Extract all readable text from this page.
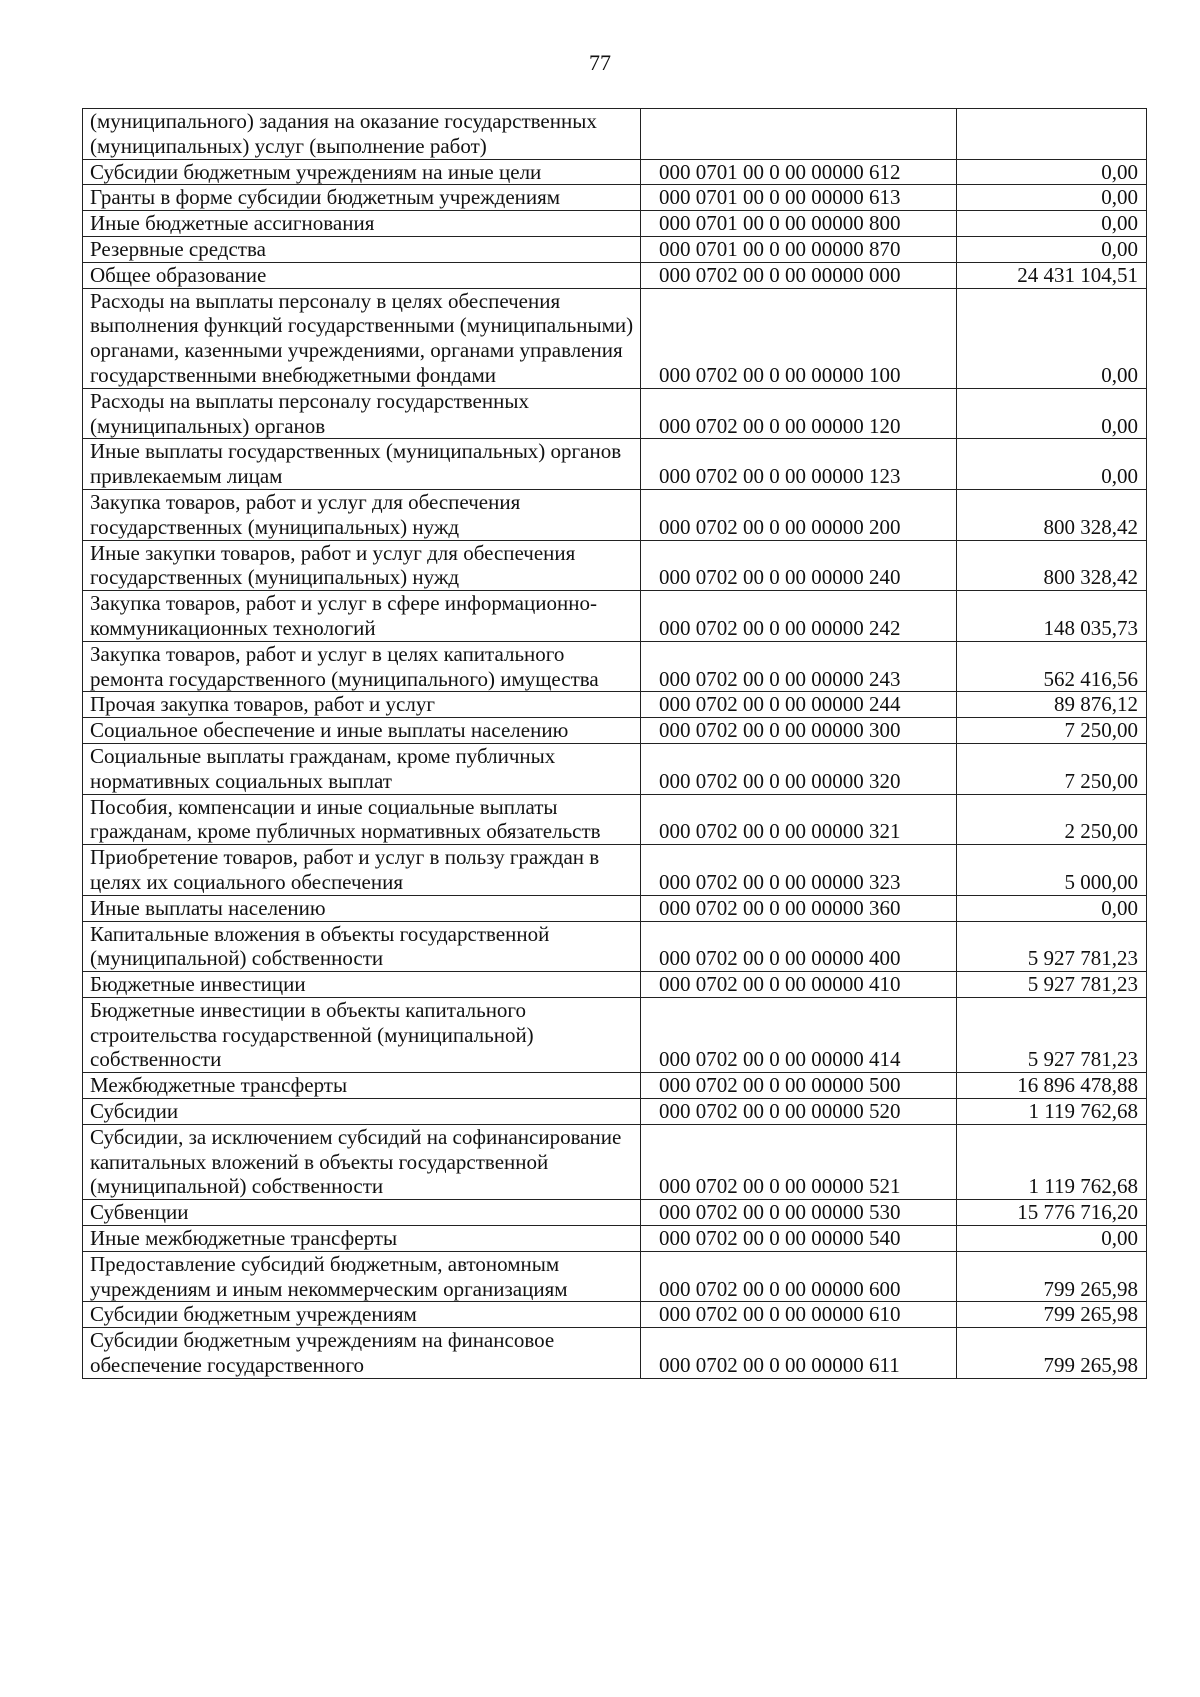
77
(муниципального) задания на оказание государственных (муниципальных) услуг (выполнение работ)		
Субсидии бюджетным учреждениям на иные цели	000 0701 00 0 00 00000 612	0,00
Гранты в форме субсидии бюджетным учреждениям	000 0701 00 0 00 00000 613	0,00
Иные бюджетные ассигнования	000 0701 00 0 00 00000 800	0,00
Резервные средства	000 0701 00 0 00 00000 870	0,00
Общее образование	000 0702 00 0 00 00000 000	24 431 104,51
Расходы на выплаты персоналу в целях обеспечения выполнения функций государственными (муниципальными) органами, казенными учреждениями, органами управления государственными внебюджетными фондами	000 0702 00 0 00 00000 100	0,00
Расходы на выплаты персоналу государственных (муниципальных) органов	000 0702 00 0 00 00000 120	0,00
Иные выплаты государственных (муниципальных) органов привлекаемым лицам	000 0702 00 0 00 00000 123	0,00
Закупка товаров, работ и услуг для обеспечения государственных (муниципальных) нужд	000 0702 00 0 00 00000 200	800 328,42
Иные закупки товаров, работ и услуг для обеспечения государственных (муниципальных) нужд	000 0702 00 0 00 00000 240	800 328,42
Закупка товаров, работ и услуг в сфере информационно-коммуникационных технологий	000 0702 00 0 00 00000 242	148 035,73
Закупка товаров, работ и услуг в целях капитального ремонта государственного (муниципального) имущества	000 0702 00 0 00 00000 243	562 416,56
Прочая закупка товаров, работ и услуг	000 0702 00 0 00 00000 244	89 876,12
Социальное обеспечение и иные выплаты населению	000 0702 00 0 00 00000 300	7 250,00
Социальные выплаты гражданам, кроме публичных нормативных социальных выплат	000 0702 00 0 00 00000 320	7 250,00
Пособия, компенсации и иные социальные выплаты гражданам, кроме публичных нормативных обязательств	000 0702 00 0 00 00000 321	2 250,00
Приобретение товаров, работ и услуг в пользу граждан в целях их социального обеспечения	000 0702 00 0 00 00000 323	5 000,00
Иные выплаты населению	000 0702 00 0 00 00000 360	0,00
Капитальные вложения в объекты государственной (муниципальной) собственности	000 0702 00 0 00 00000 400	5 927 781,23
Бюджетные инвестиции	000 0702 00 0 00 00000 410	5 927 781,23
Бюджетные инвестиции в объекты капитального строительства государственной (муниципальной) собственности	000 0702 00 0 00 00000 414	5 927 781,23
Межбюджетные трансферты	000 0702 00 0 00 00000 500	16 896 478,88
Субсидии	000 0702 00 0 00 00000 520	1 119 762,68
Субсидии, за исключением субсидий на софинансирование капитальных вложений в объекты государственной (муниципальной) собственности	000 0702 00 0 00 00000 521	1 119 762,68
Субвенции	000 0702 00 0 00 00000 530	15 776 716,20
Иные межбюджетные трансферты	000 0702 00 0 00 00000 540	0,00
Предоставление субсидий бюджетным, автономным учреждениям и иным некоммерческим организациям	000 0702 00 0 00 00000 600	799 265,98
Субсидии бюджетным учреждениям	000 0702 00 0 00 00000 610	799 265,98
Субсидии бюджетным учреждениям на финансовое обеспечение государственного	000 0702 00 0 00 00000 611	799 265,98
